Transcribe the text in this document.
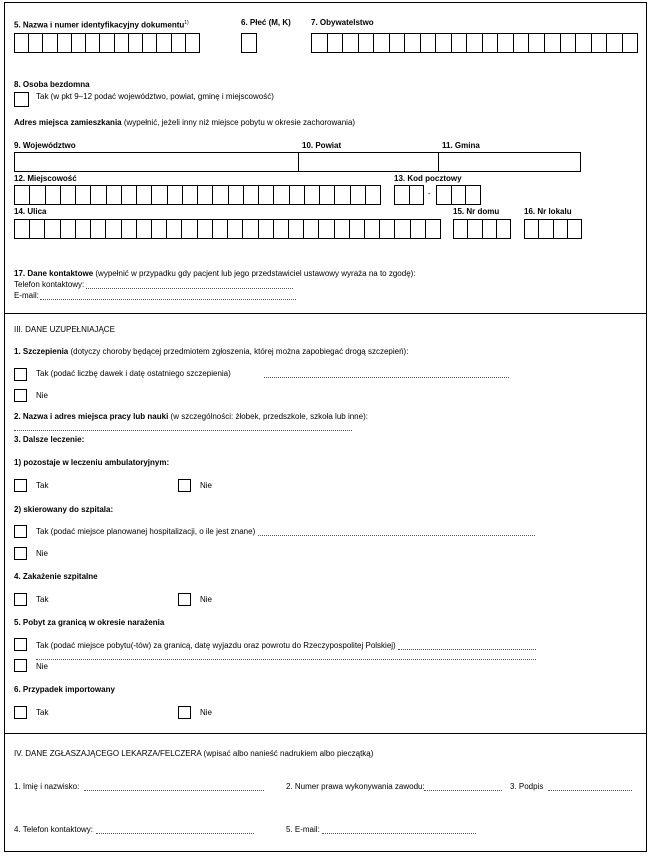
5. Nazwa i numer identyfikacyjny dokumentu$^{1)}$	6. Płeć (M, K)	7. Obywatelstwo
8. Osoba bezdomna
Tak (w pkt 9–12 podać województwo, powiat, gminę i miejscowość)
Adres miejsca zamieszkania (wypełnić, jeżeli inny niż miejsce pobytu w okresie zachorowania)
9. Województwo	10. Powiat	11. Gmina
12. Miejscowość	13. Kod pocztowy
-
14. Ulica	15. Nr domu	16. Nr lokalu
17. Dane kontaktowe (wypełnić w przypadku gdy pacjent lub jego przedstawiciel ustawowy wyraża na to zgodę):
Telefon kontaktowy:
E-mail:
III. DANE UZUPEŁNIAJĄCE
1. Szczepienia (dotyczy choroby będącej przedmiotem zgłoszenia, której można zapobiegać drogą szczepień):
Tak (podać liczbę dawek i datę ostatniego szczepienia)
Nie
2. Nazwa i adres miejsca pracy lub nauki (w szczególności: żłobek, przedszkole, szkoła lub inne):
3. Dalsze leczenie:
1) pozostaje w leczeniu ambulatoryjnym:
Tak	Nie
2) skierowany do szpitala:
Tak (podać miejsce planowanej hospitalizacji, o ile jest znane)
Nie
4. Zakażenie szpitalne
Tak	Nie
5. Pobyt za granicą w okresie narażenia
Tak (podać miejsce pobytu(-tów) za granicą, datę wyjazdu oraz powrotu do Rzeczypospolitej Polskiej)
Nie
6. Przypadek importowany
Tak	Nie
IV. DANE ZGŁASZAJĄCEGO LEKARZA/FELCZERA (wpisać albo nanieść nadrukiem albo pieczątką)
1. Imię i nazwisko:	2. Numer prawa wykonywania zawodu:	3. Podpis
4. Telefon kontaktowy:	5. E-mail:
